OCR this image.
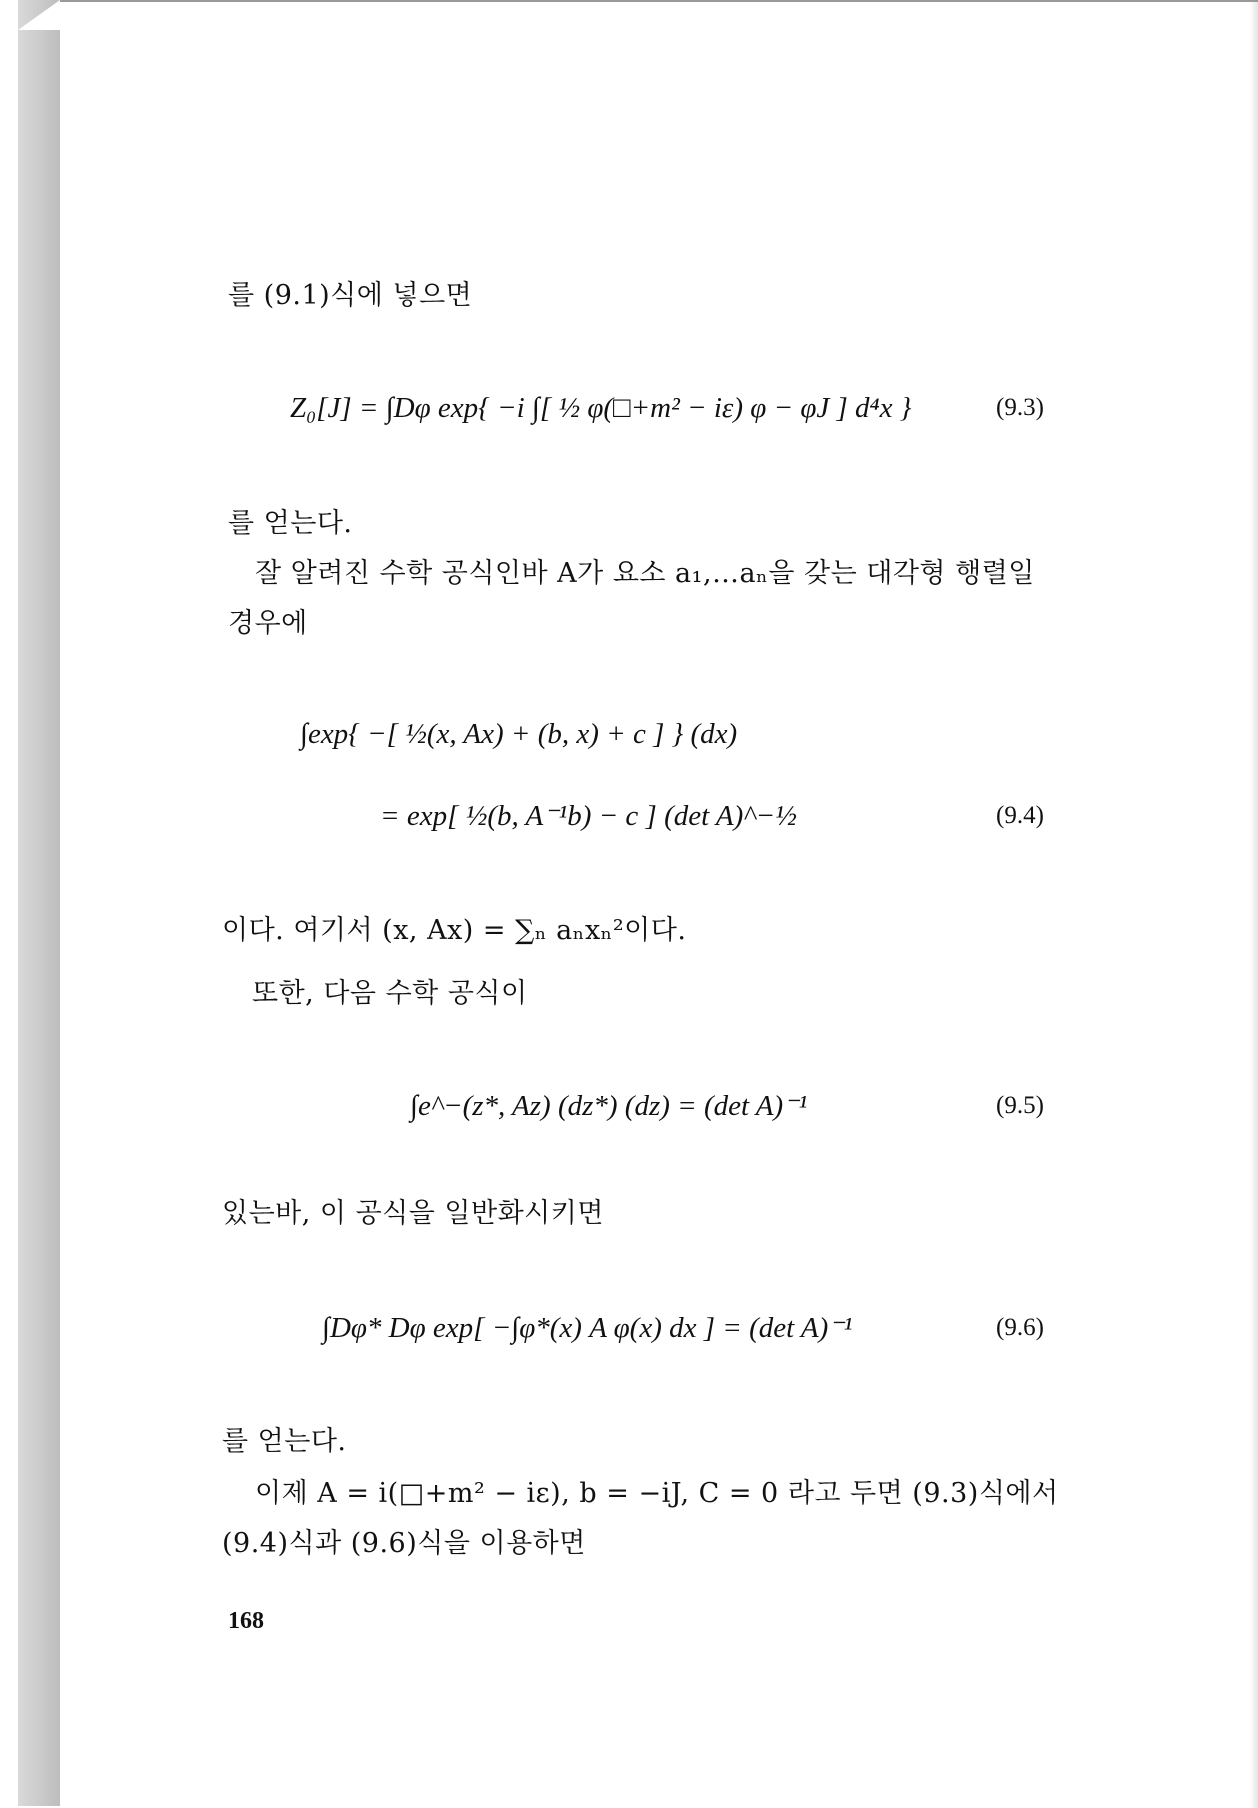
를 (9.1)식에 넣으면
Z₀[J] = ∫Dφ exp{ −i ∫[ ½ φ(□+m² − iε) φ − φJ ] d⁴x }	(9.3)
를 얻는다.
잘 알려진 수학 공식인바 A가 요소 a₁,…aₙ을 갖는 대각형 행렬일
경우에
∫exp{ −[ ½(x, Ax) + (b, x) + c ] } (dx)
= exp[ ½(b, A⁻¹b) − c ] (det A)^−½	(9.4)
이다. 여기서 (x, Ax) = ∑ₙ aₙxₙ²이다.
또한, 다음 수학 공식이
∫e^−(z*, Az) (dz*) (dz) = (det A)⁻¹	(9.5)
있는바, 이 공식을 일반화시키면
∫Dφ* Dφ exp[ −∫φ*(x) A φ(x) dx ] = (det A)⁻¹	(9.6)
를 얻는다.
이제 A = i(□+m² − iε), b = −iJ, C = 0 라고 두면 (9.3)식에서
(9.4)식과 (9.6)식을 이용하면
168
